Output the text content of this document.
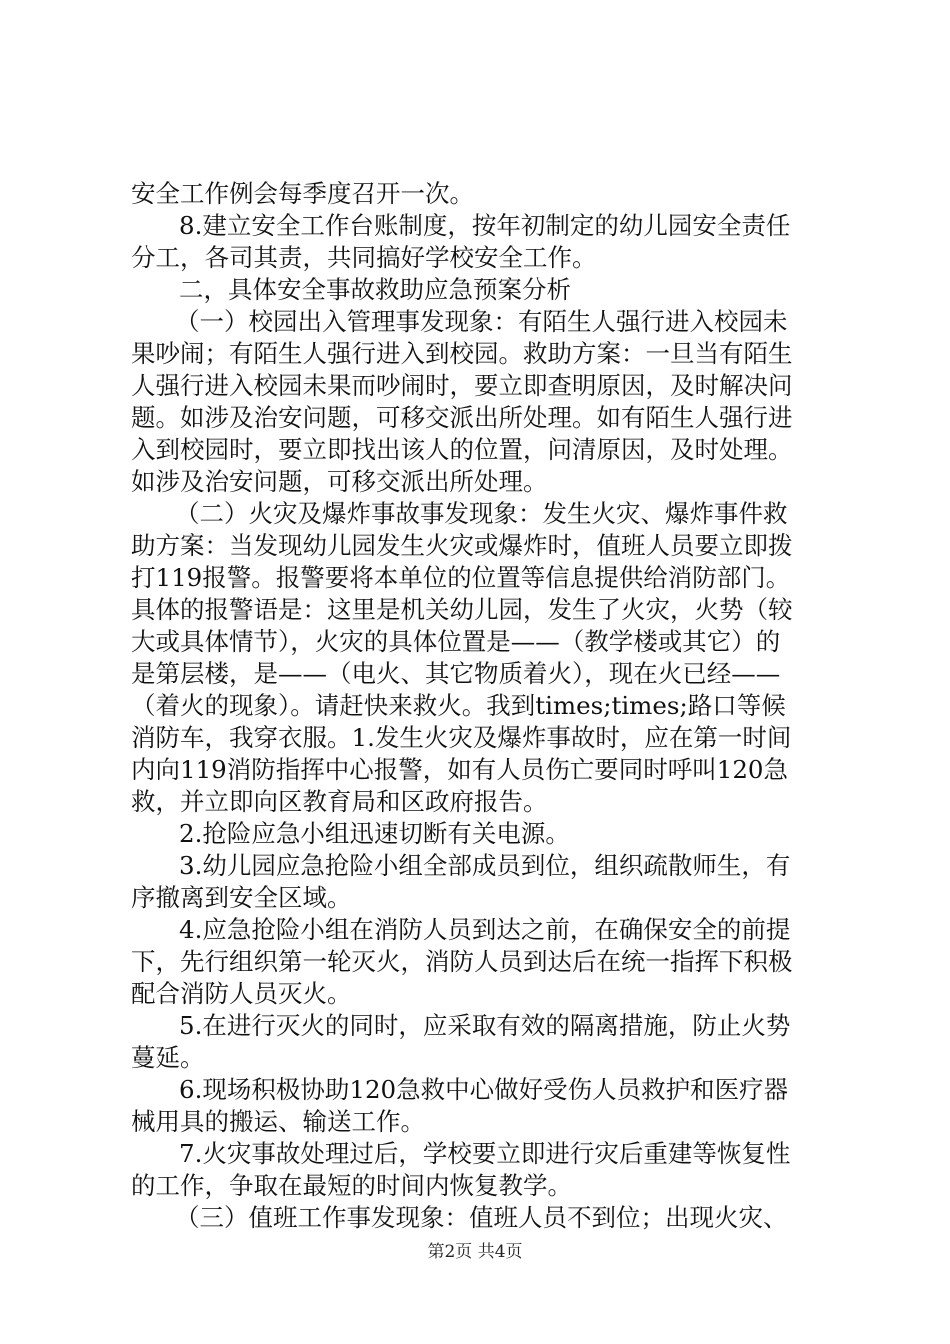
安全工作例会每季度召开一次。
8.建立安全工作台账制度，按年初制定的幼儿园安全责任
分工，各司其责，共同搞好学校安全工作。
二，具体安全事故救助应急预案分析
（一）校园出入管理事发现象：有陌生人强行进入校园未
果吵闹；有陌生人强行进入到校园。救助方案：一旦当有陌生
人强行进入校园未果而吵闹时，要立即查明原因，及时解决问
题。如涉及治安问题，可移交派出所处理。如有陌生人强行进
入到校园时，要立即找出该人的位置，问清原因，及时处理。
如涉及治安问题，可移交派出所处理。
（二）火灾及爆炸事故事发现象：发生火灾、爆炸事件救
助方案：当发现幼儿园发生火灾或爆炸时，值班人员要立即拨
打119报警。报警要将本单位的位置等信息提供给消防部门。
具体的报警语是：这里是机关幼儿园，发生了火灾，火势（较
大或具体情节），火灾的具体位置是——（教学楼或其它）的
是第层楼，是——（电火、其它物质着火），现在火已经——
（着火的现象）。请赶快来救火。我到times;times;路口等候
消防车，我穿衣服。1.发生火灾及爆炸事故时，应在第一时间
内向119消防指挥中心报警，如有人员伤亡要同时呼叫120急
救，并立即向区教育局和区政府报告。
2.抢险应急小组迅速切断有关电源。
3.幼儿园应急抢险小组全部成员到位，组织疏散师生，有
序撤离到安全区域。
4.应急抢险小组在消防人员到达之前，在确保安全的前提
下，先行组织第一轮灭火，消防人员到达后在统一指挥下积极
配合消防人员灭火。
5.在进行灭火的同时，应采取有效的隔离措施，防止火势
蔓延。
6.现场积极协助120急救中心做好受伤人员救护和医疗器
械用具的搬运、输送工作。
7.火灾事故处理过后，学校要立即进行灾后重建等恢复性
的工作，争取在最短的时间内恢复教学。
（三）值班工作事发现象：值班人员不到位；出现火灾、
第2页 共4页
